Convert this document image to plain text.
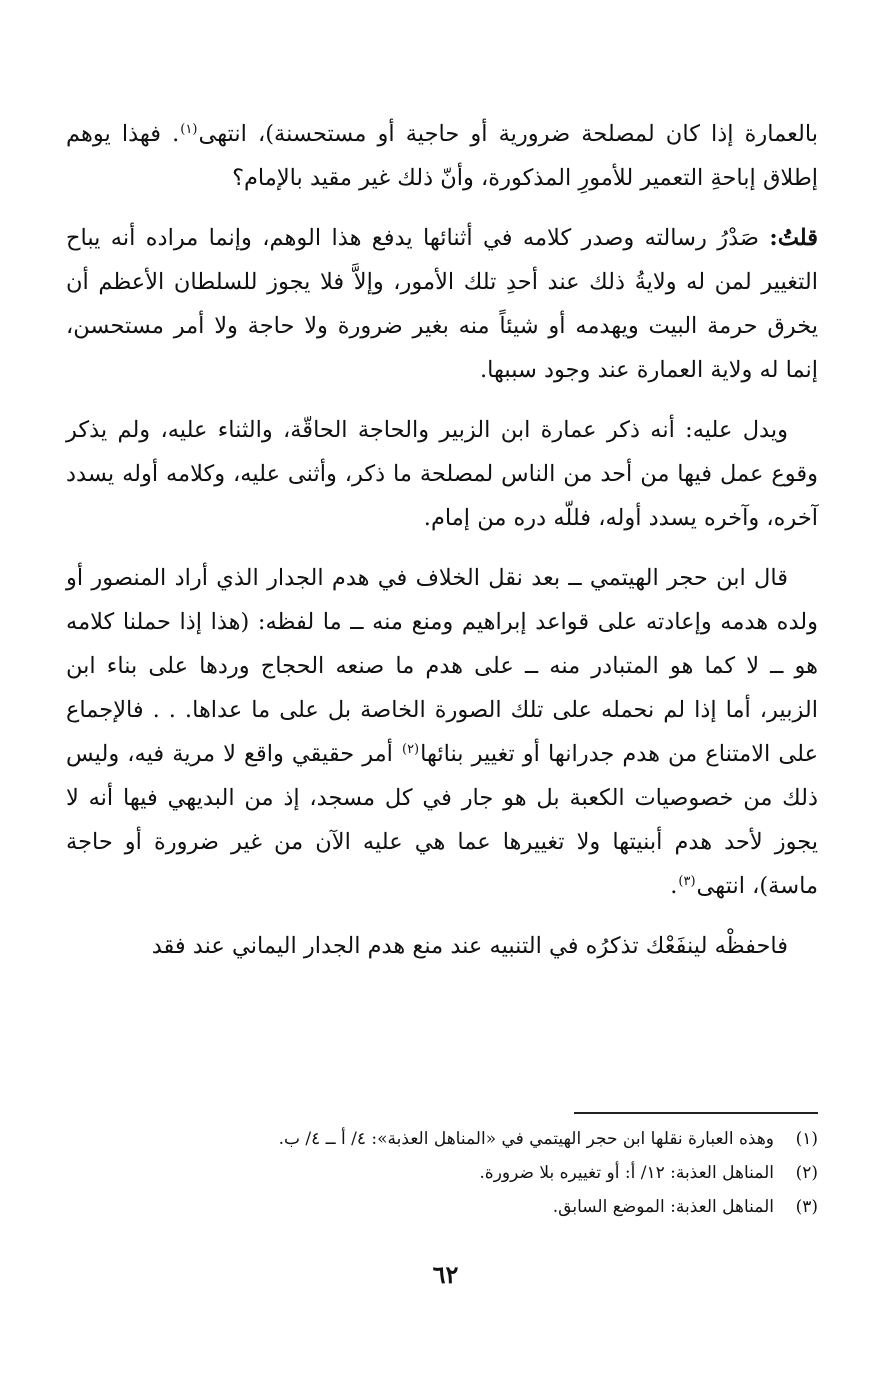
بالعمارة إذا كان لمصلحة ضرورية أو حاجية أو مستحسنة)، انتهى$^{(١)}$. فهذا يوهم إطلاق إباحةِ التعمير للأمورِ المذكورة، وأنّ ذلك غير مقيد بالإمام؟

قلتُ: صَدْرُ رسالته وصدر كلامه في أثنائها يدفع هذا الوهم، وإنما مراده أنه يباح التغيير لمن له ولايةُ ذلك عند أحدِ تلك الأمور، وإلاَّ فلا يجوز للسلطان الأعظم أن يخرق حرمة البيت ويهدمه أو شيئاً منه بغير ضرورة ولا حاجة ولا أمر مستحسن، إنما له ولاية العمارة عند وجود سببها.

ويدل عليه: أنه ذكر عمارة ابن الزبير والحاجة الحاقّة، والثناء عليه، ولم يذكر وقوع عمل فيها من أحد من الناس لمصلحة ما ذكر، وأثنى عليه، وكلامه أوله يسدد آخره، وآخره يسدد أوله، فللّه دره من إمام.

قال ابن حجر الهيتمي ــ بعد نقل الخلاف في هدم الجدار الذي أراد المنصور أو ولده هدمه وإعادته على قواعد إبراهيم ومنع منه ــ ما لفظه: (هذا إذا حملنا كلامه هو ــ لا كما هو المتبادر منه ــ على هدم ما صنعه الحجاج وردها على بناء ابن الزبير، أما إذا لم نحمله على تلك الصورة الخاصة بل على ما عداها. . . فالإجماع على الامتناع من هدم جدرانها أو تغيير بنائها$^{(٢)}$ أمر حقيقي واقع لا مرية فيه، وليس ذلك من خصوصيات الكعبة بل هو جار في كل مسجد، إذ من البديهي فيها أنه لا يجوز لأحد هدم أبنيتها ولا تغييرها عما هي عليه الآن من غير ضرورة أو حاجة ماسة)، انتهى$^{(٣)}$.

فاحفظْه لينفَعْك تذكرُه في التنبيه عند منع هدم الجدار اليماني عند فقد

(١)وهذه العبارة نقلها ابن حجر الهيتمي في «المناهل العذبة»: ٤/ أ ــ ٤/ ب.
(٢)المناهل العذبة: ١٢/ أ: أو تغييره بلا ضرورة.
(٣)المناهل العذبة: الموضع السابق.
٦٢
